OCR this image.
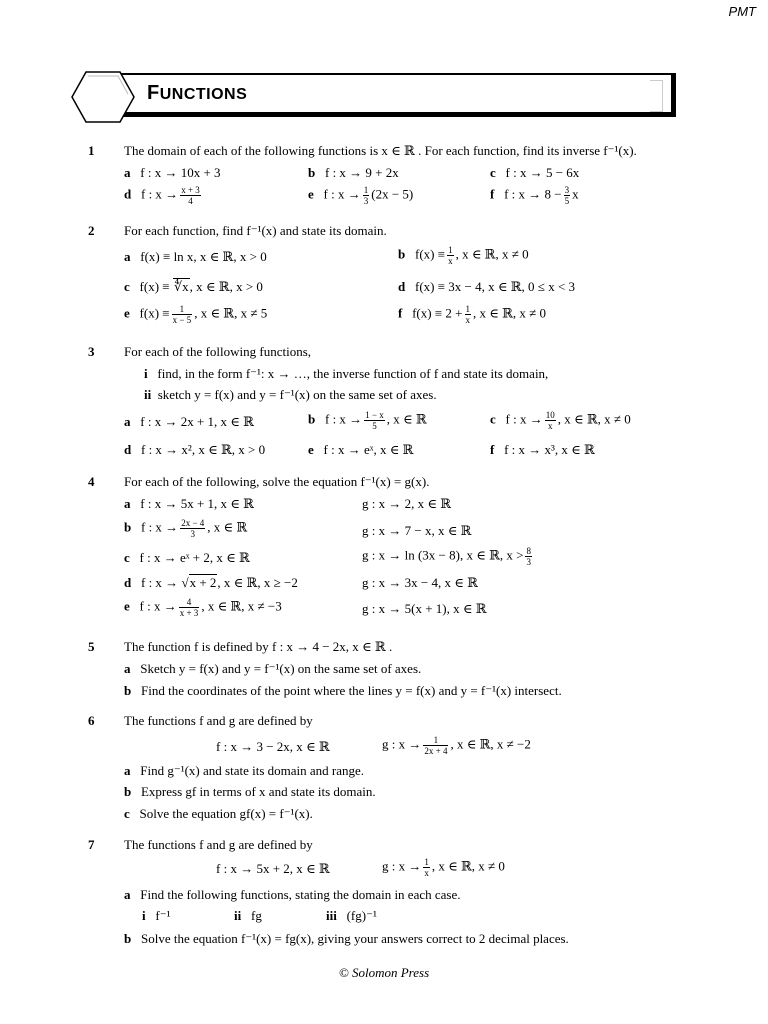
PMT
FUNCTIONS
1 The domain of each of the following functions is x ∈ ℝ . For each function, find its inverse f⁻¹(x).
a f : x → 10x + 3	b f : x → 9 + 2x	c f : x → 5 − 6x
d f : $x \to \frac{x + 3}{4}$	e f : $x \to \frac{1}{3} (2x - 5)$	f f : $x \to 8 - \frac{3}{5}$ x
2 For each function, find f⁻¹(x) and state its domain.
a f(x) ≡ ln x, x ∈ ℝ, x > 0	b $f(x) \equiv \frac{1}{x}$ , x ∈ ℝ, x ≠ 0
c f(x) ≡ ∜x, x ∈ ℝ, x > 0	d f(x) ≡ 3x − 4, x ∈ ℝ, 0 ≤ x < 3
e $f(x) \equiv \frac{1}{x - 5}$ , x ∈ ℝ, x ≠ 5	f $f(x) \equiv 2 + \frac{1}{x}$ , x ∈ ℝ, x ≠ 0
3 For each of the following functions,
i find, in the form f⁻¹: x → …, the inverse function of f and state its domain,
ii sketch y = f(x) and y = f⁻¹(x) on the same set of axes.
a f : x → 2x + 1, x ∈ ℝ	b f : $x \to \frac{1 - x}{5}$ , x ∈ ℝ	c f : $x \to \frac{10}{x}$ , x ∈ ℝ, x ≠ 0
d f : x → x², x ∈ ℝ, x > 0	e f : x → eˣ, x ∈ ℝ	f f : x → x³, x ∈ ℝ
4 For each of the following, solve the equation f⁻¹(x) = g(x).
a f : x → 5x + 1, x ∈ ℝ	g : x → 2, x ∈ ℝ
b f : $x \to \frac{2x - 4}{3}$ , x ∈ ℝ	g : x → 7 − x, x ∈ ℝ
c f : x → eˣ + 2, x ∈ ℝ	g : x → ln (3x − 8), x ∈ ℝ, $x > \frac{8}{3}$
d f : x → √x + 2, x ∈ ℝ, x ≥ −2	g : x → 3x − 4, x ∈ ℝ
e f : $x \to \frac{4}{x + 3}$ , x ∈ ℝ, x ≠ −3	g : x → 5(x + 1), x ∈ ℝ
5 The function f is defined by f : x → 4 − 2x, x ∈ ℝ .
a Sketch y = f(x) and y = f⁻¹(x) on the same set of axes.
b Find the coordinates of the point where the lines y = f(x) and y = f⁻¹(x) intersect.
6 The functions f and g are defined by
f : x → 3 − 2x, x ∈ ℝ	g : $x \to \frac{1}{2x + 4}$ , x ∈ ℝ, x ≠ −2
a Find g⁻¹(x) and state its domain and range.
b Express gf in terms of x and state its domain.
c Solve the equation gf(x) = f⁻¹(x).
7 The functions f and g are defined by
f : x → 5x + 2, x ∈ ℝ	g : $x \to \frac{1}{x}$ , x ∈ ℝ, x ≠ 0
a Find the following functions, stating the domain in each case.
i f⁻¹	ii fg	iii (fg)⁻¹
b Solve the equation f⁻¹(x) = fg(x), giving your answers correct to 2 decimal places.
© Solomon Press
